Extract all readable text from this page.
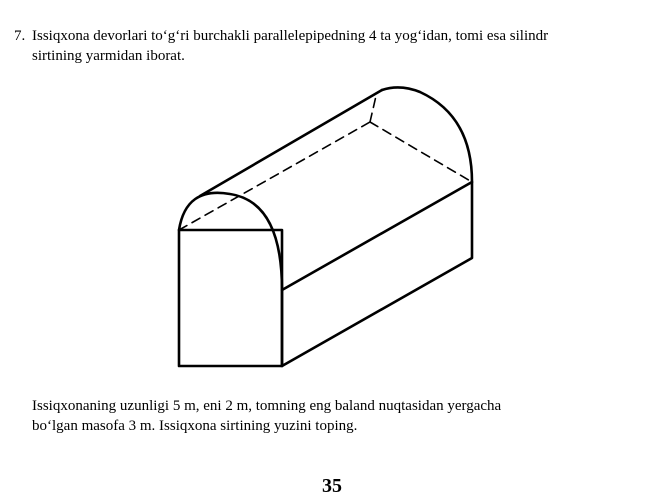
7. Issiqxona devorlari to‘g‘ri burchakli parallelepipedning 4 ta yog‘idan, tomi esa silindr
sirtining yarmidan iborat.
Issiqxonaning uzunligi 5 m, eni 2 m, tomning eng baland nuqtasidan yergacha
bo‘lgan masofa 3 m. Issiqxona sirtining yuzini toping.
35
